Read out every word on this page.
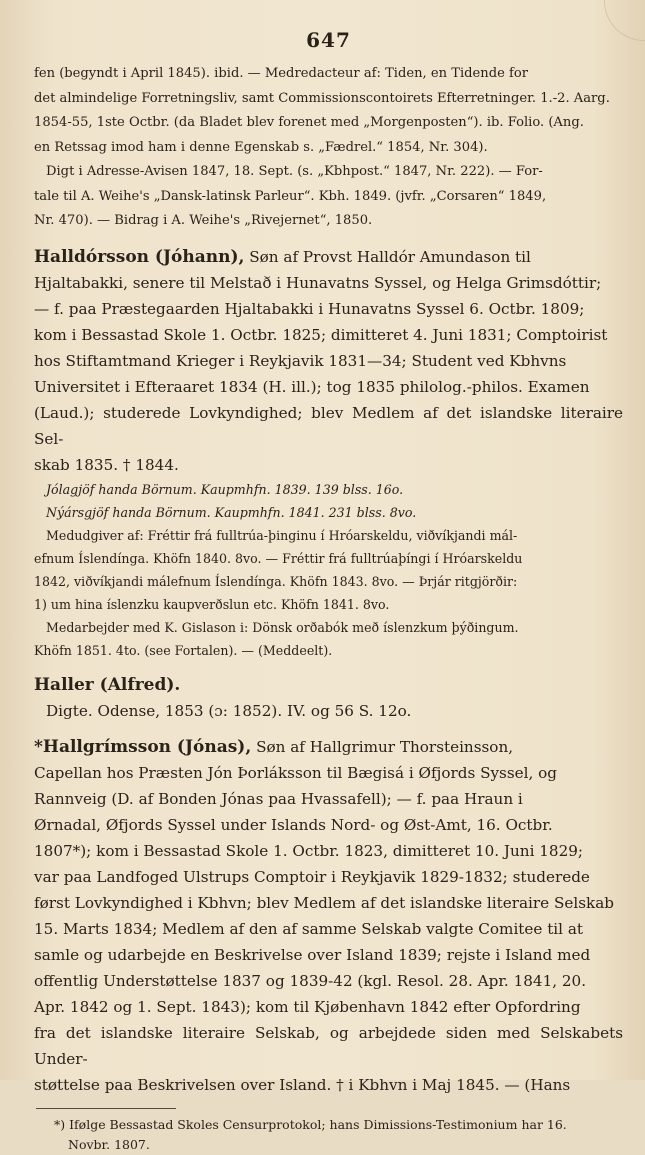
647
fen (begyndt i April 1845). ibid. — Medredacteur af: Tiden, en Tidende for
det almindelige Forretningsliv, samt Commissionscontoirets Efterretninger. 1.-2. Aarg.
1854-55, 1ste Octbr. (da Bladet blev forenet med „Morgenposten“). ib. Folio. (Ang.
en Retssag imod ham i denne Egenskab s. „Fædrel.“ 1854, Nr. 304).
Digt i Adresse-Avisen 1847, 18. Sept. (s. „Kbhpost.“ 1847, Nr. 222). — For-
tale til A. Weihe's „Dansk-latinsk Parleur“. Kbh. 1849. (jvfr. „Corsaren“ 1849,
Nr. 470). — Bidrag i A. Weihe's „Rivejernet“, 1850.
Halldórsson (Jóhann), Søn af Provst Halldór Amundason til
Hjaltabakki, senere til Melstað i Hunavatns Syssel, og Helga Grimsdóttir;
— f. paa Præstegaarden Hjaltabakki i Hunavatns Syssel 6. Octbr. 1809;
kom i Bessastad Skole 1. Octbr. 1825; dimitteret 4. Juni 1831; Comptoirist
hos Stiftamtmand Krieger i Reykjavik 1831—34; Student ved Kbhvns
Universitet i Efteraaret 1834 (H. ill.); tog 1835 philolog.-philos. Examen
(Laud.); studerede Lovkyndighed; blev Medlem af det islandske literaire Sel-
skab 1835. † 1844.
Jólagjöf handa Börnum. Kaupmhfn. 1839. 139 blss. 16o.
Nýársgjöf handa Börnum. Kaupmhfn. 1841. 231 blss. 8vo.
Medudgiver af: Fréttir frá fulltrúa-þinginu í Hróarskeldu, viðvíkjandi mál-
efnum Íslendínga. Khöfn 1840. 8vo. — Fréttir frá fulltrúaþíngi í Hróarskeldu
1842, viðvíkjandi málefnum Íslendínga. Khöfn 1843. 8vo. — Þrjár ritgjörðir:
1) um hina íslenzku kaupverðslun etc. Khöfn 1841. 8vo.
Medarbejder med K. Gislason i: Dönsk orðabók með íslenzkum þýðingum.
Khöfn 1851. 4to. (see Fortalen). — (Meddeelt).
Haller (Alfred).
Digte. Odense, 1853 (ɔ: 1852). IV. og 56 S. 12o.
*Hallgrímsson (Jónas), Søn af Hallgrimur Thorsteinsson,
Capellan hos Præsten Jón Þorláksson til Bægisá i Øfjords Syssel, og
Rannveig (D. af Bonden Jónas paa Hvassafell); — f. paa Hraun i
Ørnadal, Øfjords Syssel under Islands Nord- og Øst-Amt, 16. Octbr.
1807*); kom i Bessastad Skole 1. Octbr. 1823, dimitteret 10. Juni 1829;
var paa Landfoged Ulstrups Comptoir i Reykjavik 1829-1832; studerede
først Lovkyndighed i Kbhvn; blev Medlem af det islandske literaire Selskab
15. Marts 1834; Medlem af den af samme Selskab valgte Comitee til at
samle og udarbejde en Beskrivelse over Island 1839; rejste i Island med
offentlig Understøttelse 1837 og 1839-42 (kgl. Resol. 28. Apr. 1841, 20.
Apr. 1842 og 1. Sept. 1843); kom til Kjøbenhavn 1842 efter Opfordring
fra det islandske literaire Selskab, og arbejdede siden med Selskabets Under-
støttelse paa Beskrivelsen over Island. † i Kbhvn i Maj 1845. — (Hans
*) Ifølge Bessastad Skoles Censurprotokol; hans Dimissions-Testimonium har 16.
Novbr. 1807.
